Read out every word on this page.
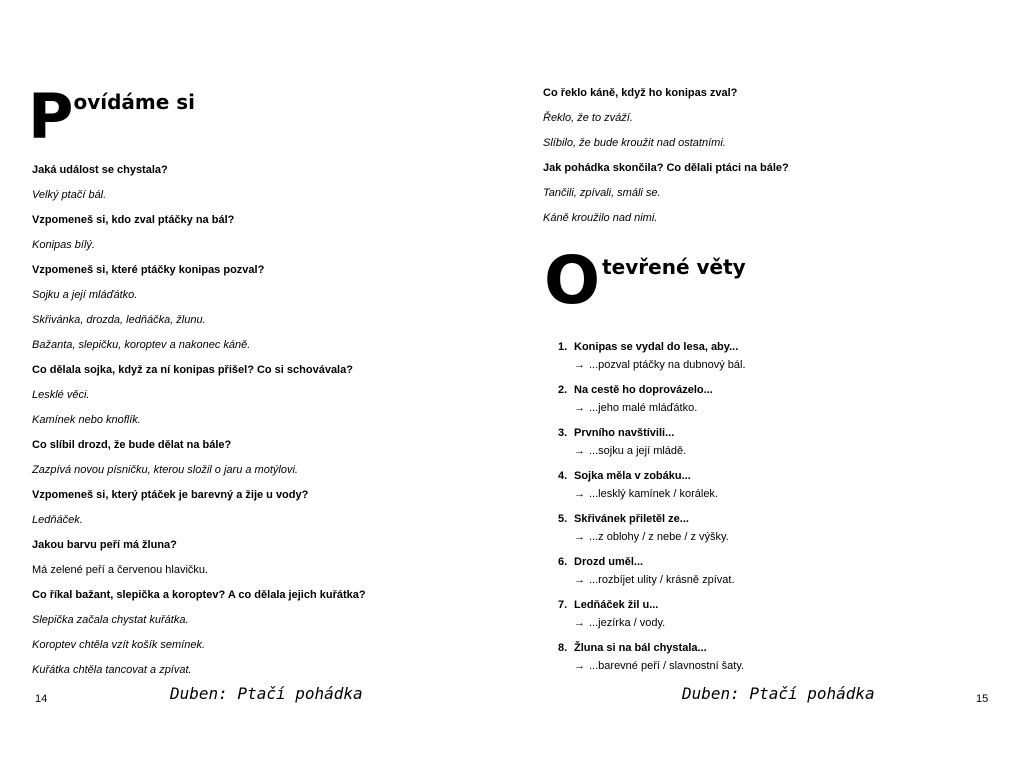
P ovídáme si
Jaká událost se chystala?
Velký ptačí bál.
Vzpomeneš si, kdo zval ptáčky na bál?
Konipas bílý.
Vzpomeneš si, které ptáčky konipas pozval?
Sojku a její mláďátko.
Skřivánka, drozda, ledňáčka, žlunu.
Bažanta, slepičku, koroptev a nakonec káně.
Co dělala sojka, když za ní konipas přišel? Co si schovávala?
Lesklé věci.
Kamínek nebo knoflík.
Co slíbil drozd, že bude dělat na bále?
Zazpívá novou písničku, kterou složil o jaru a motýlovi.
Vzpomeneš si, který ptáček je barevný a žije u vody?
Ledňáček.
Jakou barvu peří má žluna?
Má zelené peří a červenou hlavičku.
Co říkal bažant, slepička a koroptev? A co dělala jejich kuřátka?
Slepička začala chystat kuřátka.
Koroptev chtěla vzít košík semínek.
Kuřátka chtěla tancovat a zpívat.
14	Duben: Ptačí pohádka
Co řeklo káně, když ho konipas zval?
Řeklo, že to zváží.
Slíbilo, že bude kroužit nad ostatními.
Jak pohádka skončila? Co dělali ptáci na bále?
Tančili, zpívali, smáli se.
Káně kroužilo nad nimi.
O tevřené věty
1. Konipas se vydal do lesa, aby...
→ ...pozval ptáčky na dubnový bál.
2. Na cestě ho doprovázelo...
→ ...jeho malé mláďátko.
3. Prvního navštívili...
→ ...sojku a její mládě.
4. Sojka měla v zobáku...
→ ...lesklý kamínek / korálek.
5. Skřivánek přiletěl ze...
→ ...z oblohy / z nebe / z výšky.
6. Drozd uměl...
→ ...rozbíjet ulity / krásně zpívat.
7. Ledňáček žil u...
→ ...jezírka / vody.
8. Žluna si na bál chystala...
→ ...barevné peří / slavnostní šaty.
Duben: Ptačí pohádka	15
